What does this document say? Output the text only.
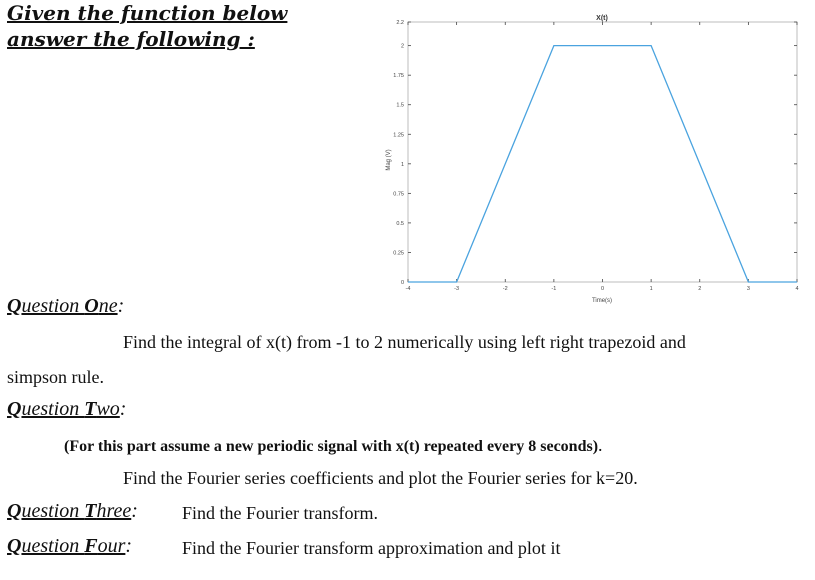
Given the function below
answer the following :
-4	-3	-2	-1	0	1	2	3	4
0
0.25
0.5
0.75
1
1.25
1.5
1.75
2
2.2
X(t)
Time(s)
Mag (V)
Question One:
Find the integral of x(t) from -1 to 2 numerically using left right trapezoid and
simpson rule.
Question Two:
(For this part assume a new periodic signal with x(t) repeated every 8 seconds).
Find the Fourier series coefficients and plot the Fourier series for k=20.
Question Three: Find the Fourier transform.
Question Four:	Find the Fourier transform approximation and plot it
